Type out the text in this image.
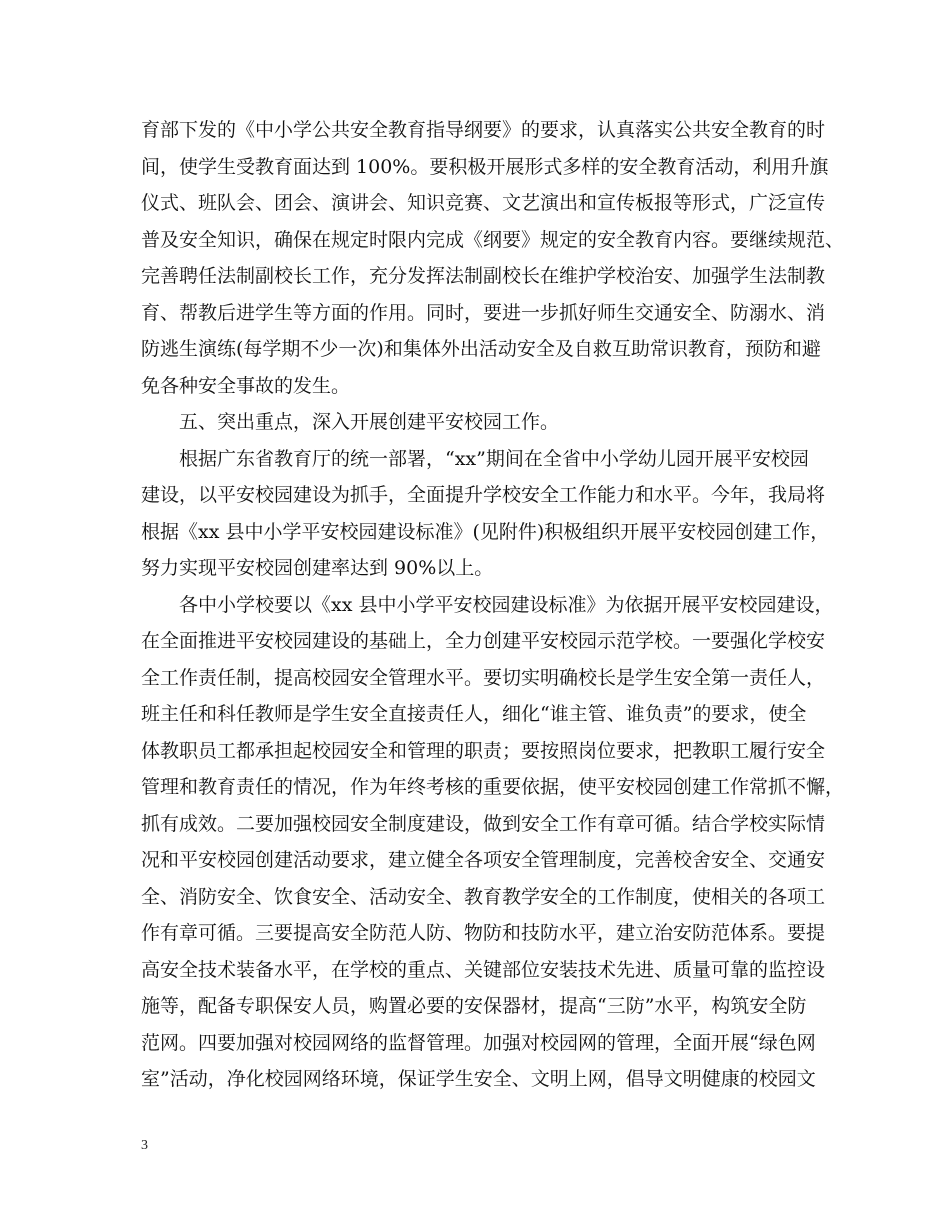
育部下发的《中小学公共安全教育指导纲要》的要求，认真落实公共安全教育的时
间，使学生受教育面达到 100%。要积极开展形式多样的安全教育活动，利用升旗
仪式、班队会、团会、演讲会、知识竞赛、文艺演出和宣传板报等形式，广泛宣传
普及安全知识，确保在规定时限内完成《纲要》规定的安全教育内容。要继续规范、
完善聘任法制副校长工作，充分发挥法制副校长在维护学校治安、加强学生法制教
育、帮教后进学生等方面的作用。同时，要进一步抓好师生交通安全、防溺水、消
防逃生演练(每学期不少一次)和集体外出活动安全及自救互助常识教育，预防和避
免各种安全事故的发生。

五、突出重点，深入开展创建平安校园工作。

根据广东省教育厅的统一部署，“xx”期间在全省中小学幼儿园开展平安校园
建设，以平安校园建设为抓手，全面提升学校安全工作能力和水平。今年，我局将
根据《xx 县中小学平安校园建设标准》(见附件)积极组织开展平安校园创建工作，
努力实现平安校园创建率达到 90%以上。

各中小学校要以《xx 县中小学平安校园建设标准》为依据开展平安校园建设，
在全面推进平安校园建设的基础上，全力创建平安校园示范学校。一要强化学校安
全工作责任制，提高校园安全管理水平。要切实明确校长是学生安全第一责任人，
班主任和科任教师是学生安全直接责任人，细化“谁主管、谁负责”的要求，使全
体教职员工都承担起校园安全和管理的职责；要按照岗位要求，把教职工履行安全
管理和教育责任的情况，作为年终考核的重要依据，使平安校园创建工作常抓不懈，
抓有成效。二要加强校园安全制度建设，做到安全工作有章可循。结合学校实际情
况和平安校园创建活动要求，建立健全各项安全管理制度，完善校舍安全、交通安
全、消防安全、饮食安全、活动安全、教育教学安全的工作制度，使相关的各项工
作有章可循。三要提高安全防范人防、物防和技防水平，建立治安防范体系。要提
高安全技术装备水平，在学校的重点、关键部位安装技术先进、质量可靠的监控设
施等，配备专职保安人员，购置必要的安保器材，提高“三防”水平，构筑安全防
范网。四要加强对校园网络的监督管理。加强对校园网的管理，全面开展“绿色网
室”活动，净化校园网络环境，保证学生安全、文明上网，倡导文明健康的校园文

3
